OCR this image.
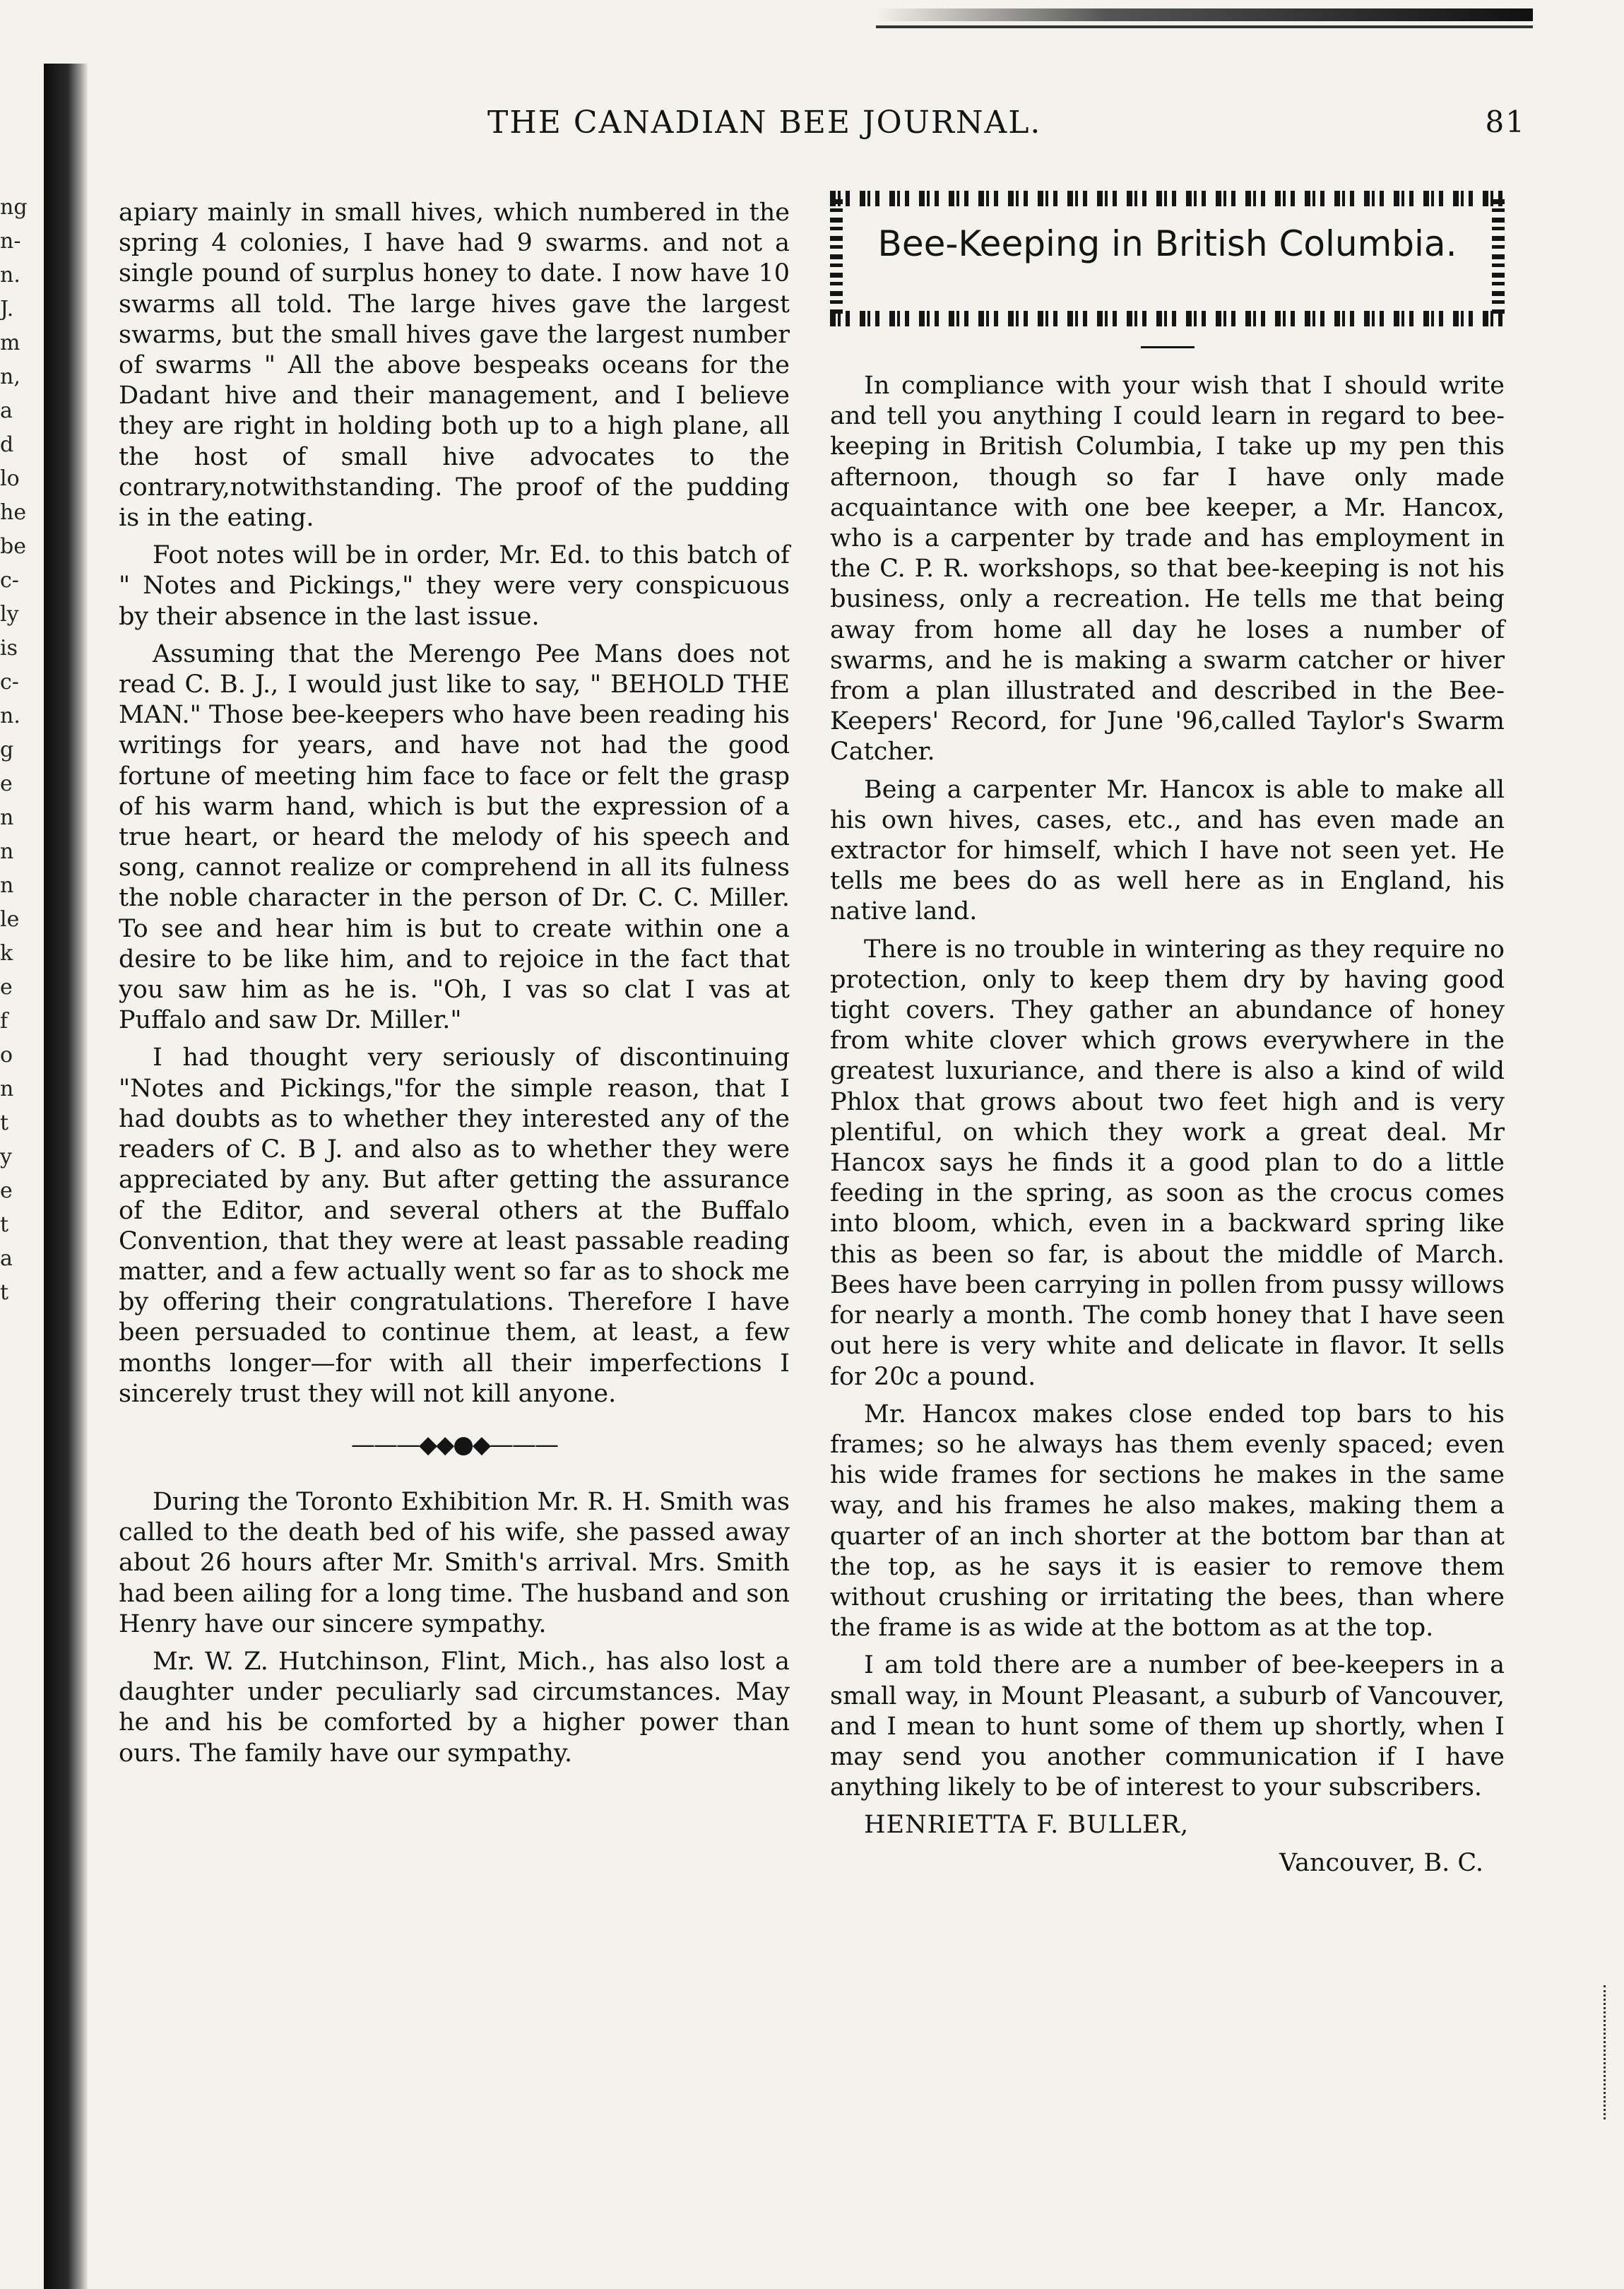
ng
n-
n.
J.
m
n,
a
d
lo
he
be
c-
ly
is
c-
n.
g
e
n
n
n
le
k
e
f
o
n
t
y
e
t
a
t
THE CANADIAN BEE JOURNAL.	81

apiary mainly in small hives, which numbered in the spring 4 colonies, I have had 9 swarms. and not a single pound of surplus honey to date. I now have 10 swarms all told. The large hives gave the largest swarms, but the small hives gave the largest number of swarms " All the above bespeaks oceans for the Dadant hive and their management, and I believe they are right in holding both up to a high plane, all the host of small hive advocates to the contrary,notwithstanding. The proof of the pudding is in the eating.

Foot notes will be in order, Mr. Ed. to this batch of " Notes and Pickings," they were very conspicuous by their absence in the last issue.

Assuming that the Merengo Pee Mans does not read C. B. J., I would just like to say, " BEHOLD THE MAN." Those bee-keepers who have been reading his writings for years, and have not had the good fortune of meeting him face to face or felt the grasp of his warm hand, which is but the expression of a true heart, or heard the melody of his speech and song, cannot realize or comprehend in all its fulness the noble character in the person of Dr. C. C. Miller. To see and hear him is but to create within one a desire to be like him, and to rejoice in the fact that you saw him as he is. "Oh, I vas so clat I vas at Puffalo and saw Dr. Miller."

I had thought very seriously of discontinuing "Notes and Pickings,"for the simple reason, that I had doubts as to whether they interested any of the readers of C. B J. and also as to whether they were appreciated by any. But after getting the assurance of the Editor, and several others at the Buffalo Convention, that they were at least passable reading matter, and a few actually went so far as to shock me by offering their congratulations. Therefore I have been persuaded to continue them, at least, a few months longer—for with all their imperfections I sincerely trust they will not kill anyone.

———◆◆●◆———

During the Toronto Exhibition Mr. R. H. Smith was called to the death bed of his wife, she passed away about 26 hours after Mr. Smith's arrival. Mrs. Smith had been ailing for a long time. The husband and son Henry have our sincere sympathy.

Mr. W. Z. Hutchinson, Flint, Mich., has also lost a daughter under peculiarly sad circumstances. May he and his be comforted by a higher power than ours. The family have our sympathy.

Bee-Keeping in British Columbia.

In compliance with your wish that I should write and tell you anything I could learn in regard to bee-keeping in British Columbia, I take up my pen this afternoon, though so far I have only made acquaintance with one bee keeper, a Mr. Hancox, who is a carpenter by trade and has employment in the C. P. R. workshops, so that bee-keeping is not his business, only a recreation. He tells me that being away from home all day he loses a number of swarms, and he is making a swarm catcher or hiver from a plan illustrated and described in the Bee-Keepers' Record, for June '96,called Taylor's Swarm Catcher.

Being a carpenter Mr. Hancox is able to make all his own hives, cases, etc., and has even made an extractor for himself, which I have not seen yet. He tells me bees do as well here as in England, his native land.

There is no trouble in wintering as they require no protection, only to keep them dry by having good tight covers. They gather an abundance of honey from white clover which grows everywhere in the greatest luxuriance, and there is also a kind of wild Phlox that grows about two feet high and is very plentiful, on which they work a great deal. Mr Hancox says he finds it a good plan to do a little feeding in the spring, as soon as the crocus comes into bloom, which, even in a backward spring like this as been so far, is about the middle of March. Bees have been carrying in pollen from pussy willows for nearly a month. The comb honey that I have seen out here is very white and delicate in flavor. It sells for 20c a pound.

Mr. Hancox makes close ended top bars to his frames; so he always has them evenly spaced; even his wide frames for sections he makes in the same way, and his frames he also makes, making them a quarter of an inch shorter at the bottom bar than at the top, as he says it is easier to remove them without crushing or irritating the bees, than where the frame is as wide at the bottom as at the top.

I am told there are a number of bee-keepers in a small way, in Mount Pleasant, a suburb of Vancouver, and I mean to hunt some of them up shortly, when I may send you another communication if I have anything likely to be of interest to your subscribers.

HENRIETTA F. BULLER,

Vancouver, B. C.
